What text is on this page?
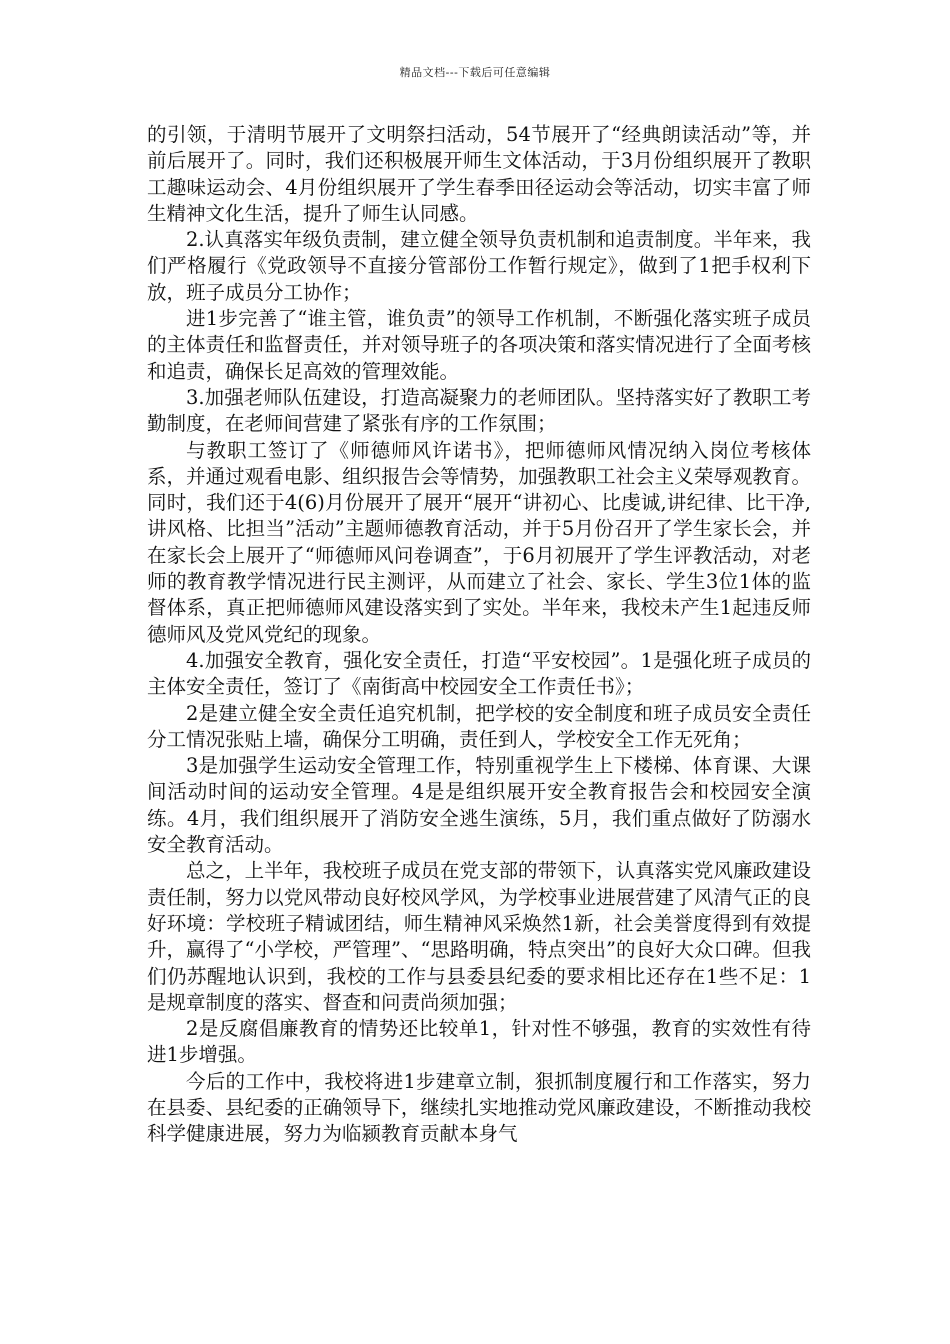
精品文档---下载后可任意编辑

的引领，于清明节展开了文明祭扫活动，54节展开了“经典朗读活动”等，并前后展开了。同时，我们还积极展开师生文体活动，于3月份组织展开了教职工趣味运动会、4月份组织展开了学生春季田径运动会等活动，切实丰富了师生精神文化生活，提升了师生认同感。

2.认真落实年级负责制，建立健全领导负责机制和追责制度。半年来，我们严格履行《党政领导不直接分管部份工作暂行规定》，做到了1把手权利下放，班子成员分工协作；

进1步完善了“谁主管，谁负责”的领导工作机制，不断强化落实班子成员的主体责任和监督责任，并对领导班子的各项决策和落实情况进行了全面考核和追责，确保长足高效的管理效能。

3.加强老师队伍建设，打造高凝聚力的老师团队。坚持落实好了教职工考勤制度，在老师间营建了紧张有序的工作氛围；

与教职工签订了《师德师风许诺书》，把师德师风情况纳入岗位考核体系，并通过观看电影、组织报告会等情势，加强教职工社会主义荣辱观教育。同时，我们还于4(6)月份展开了展开“展开“讲初心、比虔诚,讲纪律、比干净,讲风格、比担当”活动”主题师德教育活动，并于5月份召开了学生家长会，并在家长会上展开了“师德师风问卷调查”，于6月初展开了学生评教活动，对老师的教育教学情况进行民主测评，从而建立了社会、家长、学生3位1体的监督体系，真正把师德师风建设落实到了实处。半年来，我校未产生1起违反师德师风及党风党纪的现象。

4.加强安全教育，强化安全责任，打造“平安校园”。1是强化班子成员的主体安全责任，签订了《南街高中校园安全工作责任书》；

2是建立健全安全责任追究机制，把学校的安全制度和班子成员安全责任分工情况张贴上墙，确保分工明确，责任到人，学校安全工作无死角；

3是加强学生运动安全管理工作，特别重视学生上下楼梯、体育课、大课间活动时间的运动安全管理。4是是组织展开安全教育报告会和校园安全演练。4月，我们组织展开了消防安全逃生演练，5月，我们重点做好了防溺水安全教育活动。

总之，上半年，我校班子成员在党支部的带领下，认真落实党风廉政建设责任制，努力以党风带动良好校风学风，为学校事业进展营建了风清气正的良好环境：学校班子精诚团结，师生精神风采焕然1新，社会美誉度得到有效提升，赢得了“小学校，严管理”、“思路明确，特点突出”的良好大众口碑。但我们仍苏醒地认识到，我校的工作与县委县纪委的要求相比还存在1些不足：1是规章制度的落实、督查和问责尚须加强；

2是反腐倡廉教育的情势还比较单1，针对性不够强，教育的实效性有待进1步增强。

今后的工作中，我校将进1步建章立制，狠抓制度履行和工作落实，努力在县委、县纪委的正确领导下，继续扎实地推动党风廉政建设，不断推动我校科学健康进展，努力为临颍教育贡献本身气
